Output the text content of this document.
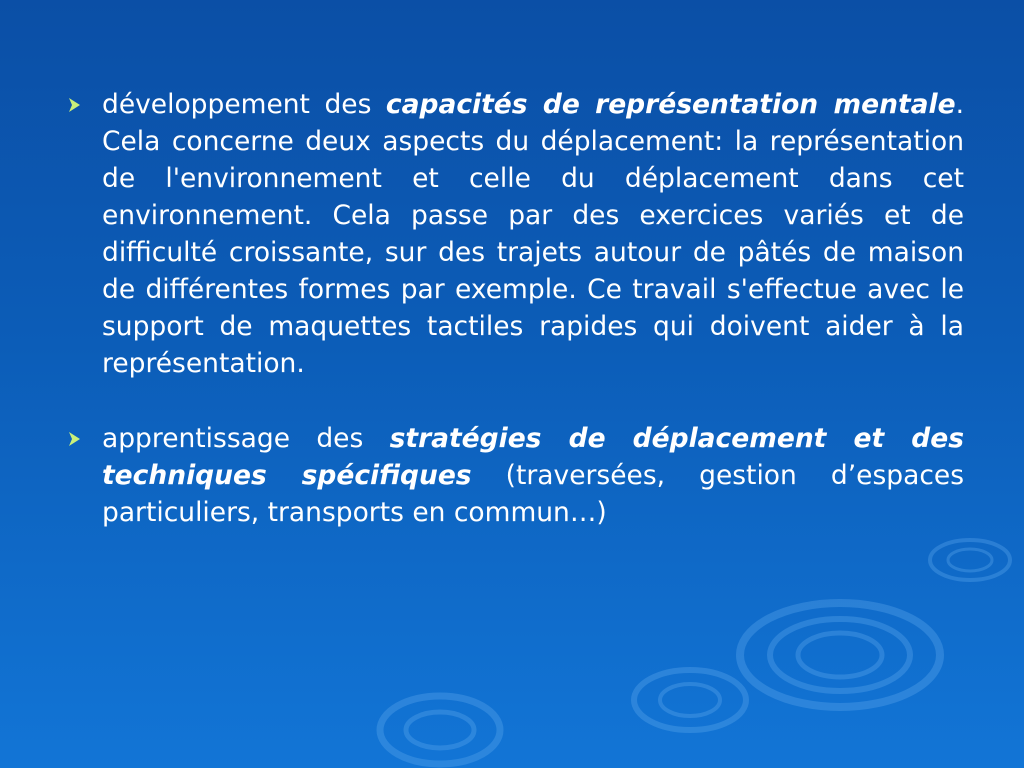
développement des capacités de représentation mentale. Cela concerne deux aspects du déplacement: la représentation de l'environnement et celle du déplacement dans cet environnement. Cela passe par des exercices variés et de difficulté croissante, sur des trajets autour de pâtés de maison de différentes formes par exemple. Ce travail s'effectue avec le support de maquettes tactiles rapides qui doivent aider à la représentation.
apprentissage des stratégies de déplacement et des techniques spécifiques (traversées, gestion d’espaces particuliers, transports en commun…)
